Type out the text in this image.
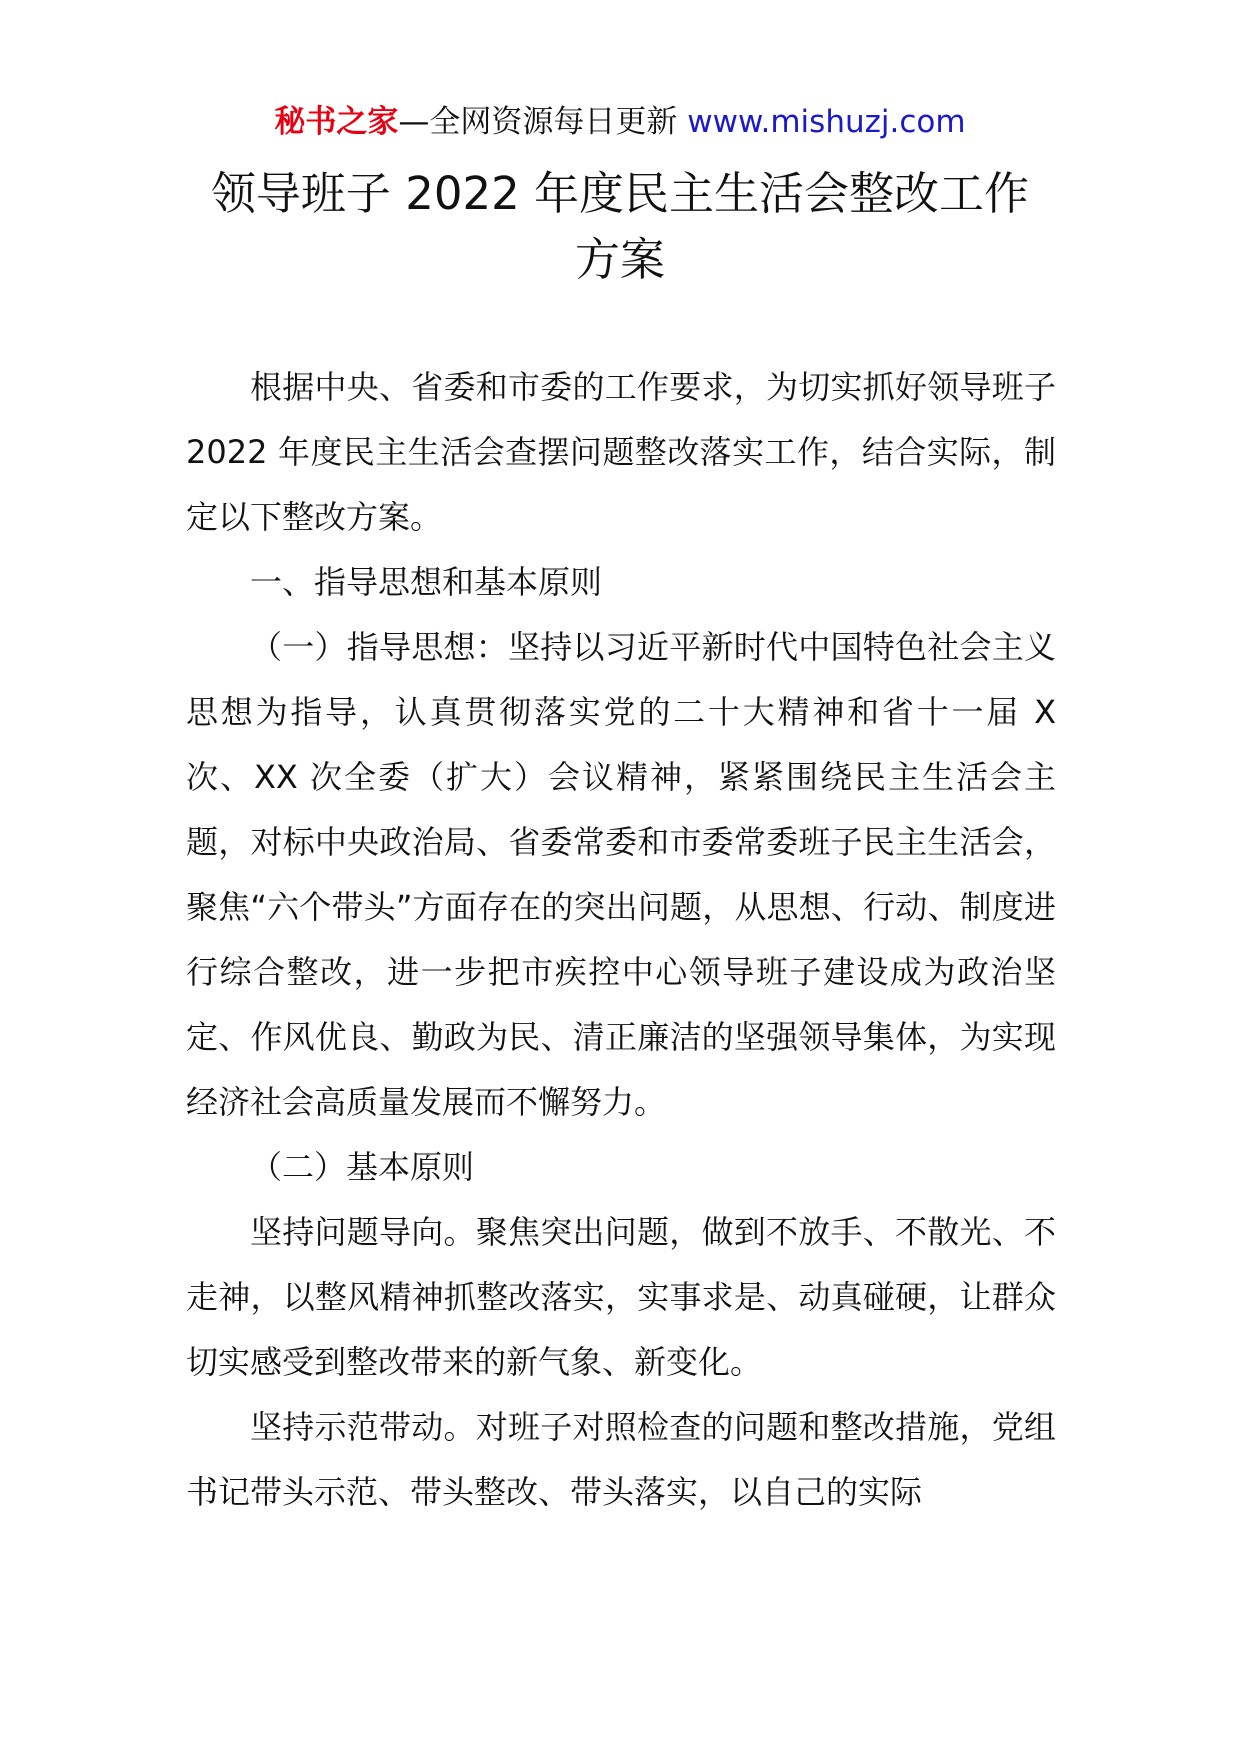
秘书之家—全网资源每日更新 www.mishuzj.com
领导班子 2022 年度民主生活会整改工作
方案

根据中央、省委和市委的工作要求，为切实抓好领导班子 2022 年度民主生活会查摆问题整改落实工作，结合实际，制定以下整改方案。

一、指导思想和基本原则

（一）指导思想：坚持以习近平新时代中国特色社会主义思想为指导，认真贯彻落实党的二十大精神和省十一届 X 次、XX 次全委（扩大）会议精神，紧紧围绕民主生活会主题，对标中央政治局、省委常委和市委常委班子民主生活会，聚焦“六个带头”方面存在的突出问题，从思想、行动、制度进行综合整改，进一步把市疾控中心领导班子建设成为政治坚定、作风优良、勤政为民、清正廉洁的坚强领导集体，为实现经济社会高质量发展而不懈努力。

（二）基本原则

坚持问题导向。聚焦突出问题，做到不放手、不散光、不走神，以整风精神抓整改落实，实事求是、动真碰硬，让群众切实感受到整改带来的新气象、新变化。

坚持示范带动。对班子对照检查的问题和整改措施，党组书记带头示范、带头整改、带头落实，以自己的实际
